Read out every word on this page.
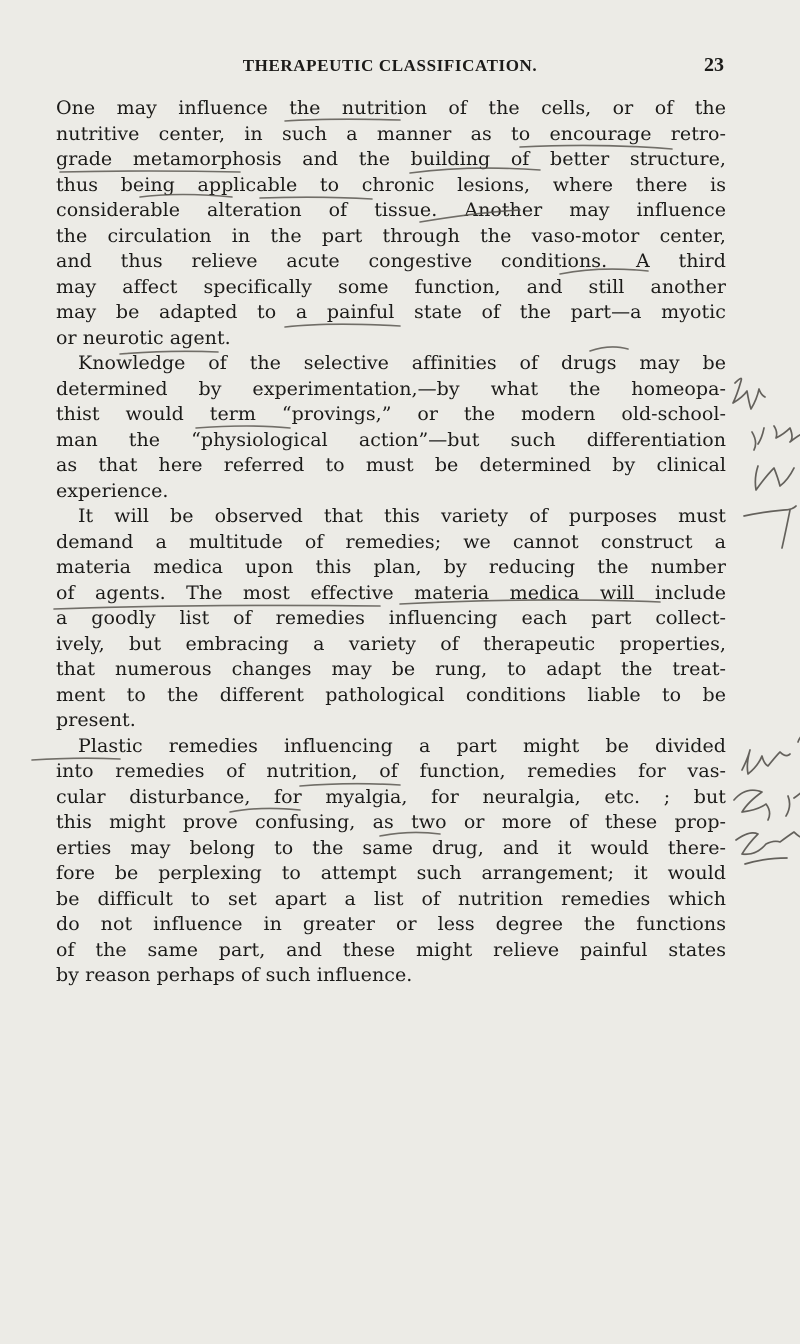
THERAPEUTIC CLASSIFICATION.	23
One may influence the nutrition of the cells, or of the
nutritive center, in such a manner as to encourage retro-
grade metamorphosis and the building of better structure,
thus being applicable to chronic lesions, where there is
considerable alteration of tissue. Another may influence
the circulation in the part through the vaso-motor center,
and thus relieve acute congestive conditions. A third
may affect specifically some function, and still another
may be adapted to a painful state of the part—a myotic
or neurotic agent.
Knowledge of the selective affinities of drugs may be
determined by experimentation,—by what the homeopa-
thist would term “provings,” or the modern old-school-
man the “physiological action”—but such differentiation
as that here referred to must be determined by clinical
experience.
It will be observed that this variety of purposes must
demand a multitude of remedies; we cannot construct a
materia medica upon this plan, by reducing the number
of agents. The most effective materia medica will include
a goodly list of remedies influencing each part collect-
ively, but embracing a variety of therapeutic properties,
that numerous changes may be rung, to adapt the treat-
ment to the different pathological conditions liable to be
present.
Plastic remedies influencing a part might be divided
into remedies of nutrition, of function, remedies for vas-
cular disturbance, for myalgia, for neuralgia, etc. ; but
this might prove confusing, as two or more of these prop-
erties may belong to the same drug, and it would there-
fore be perplexing to attempt such arrangement; it would
be difficult to set apart a list of nutrition remedies which
do not influence in greater or less degree the functions
of the same part, and these might relieve painful states
by reason perhaps of such influence.
